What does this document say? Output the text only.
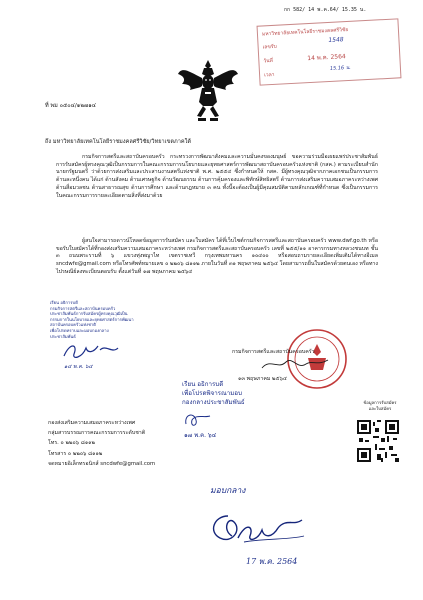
กก 582/ 14 พ.ค.64/ 15.35 น.
มหาวิทยาลัยเทคโนโลยีราชมงคลศรีวิชัย
เลขรับ
1548
วันที่	14 พ.ค. 2564
เวลา
15.16 น.
ที่ พม ๐๕๐๔/๑๒๗๑๔
ถึง มหาวิทยาลัยเทคโนโลยีราชมงคลศรีวิชัย/วิทยาเขตภาคใต้
กรมกิจการสตรีและสถาบันครอบครัว กระทรวงการพัฒนาสังคมและความมั่นคงของมนุษย์ ขอความร่วมมือเผยแพร่ประชาสัมพันธ์การรับสมัครผู้ทรงคุณวุฒิเป็นกรรมการในคณะกรรมการนโยบายและยุทธศาสตร์การพัฒนาสถาบันครอบครัวแห่งชาติ (กสค.) ตามระเบียบสำนักนายกรัฐมนตรี ว่าด้วยการส่งเสริมและประสานงานสตรีแห่งชาติ พ.ศ. ๒๕๕๔ ซึ่งกำหนดให้ กสค. มีผู้ทรงคุณวุฒิจากภาคเอกชนเป็นกรรมการด้านละหนึ่งคน ได้แก่ ด้านสังคม ด้านเศรษฐกิจ ด้านวัฒนธรรม ด้านการคุ้มครองและพิทักษ์สิทธิสตรี ด้านการส่งเสริมความเสมอภาคระหว่างเพศ ด้านสื่อมวลชน ด้านสาธารณสุข ด้านการศึกษา และด้านกฎหมาย ๓ คน ทั้งนี้จะต้องเป็นผู้มีคุณสมบัติตามหลักเกณฑ์ที่กำหนด ซึ่งเป็นกรรมการในคณะกรรมการรายละเอียดตามสิ่งที่ส่งมาด้วย
ผู้สนใจสามารถดาวน์โหลดข้อมูลการรับสมัคร และใบสมัคร ได้ที่เว็บไซต์กรมกิจการสตรีและสถาบันครอบครัว www.dwf.go.th หรือขอรับใบสมัครได้ที่กองส่งเสริมความเสมอภาคระหว่างเพศ กรมกิจการสตรีและสถาบันครอบครัว เลขที่ ๒๕๕/๑๑ อาคารกรมทางหลวงชนบท ชั้น ๓ ถนนพระรามที่ ๖ แขวงทุ่งพญาไท เขตราชเทวี กรุงเทพมหานคร ๑๐๔๐๐ หรือสอบถามรายละเอียดเพิ่มเติมได้ทางอีเมล sncdwfe@gmail.com หรือโทรศัพท์หมายเลข ๐ ๒๒๐๖ ๘๑๑๒ ภายในวันที่ ๓๑ พฤษภาคม ๒๕๖๔ โดยสามารถยื่นใบสมัครด้วยตนเอง หรือทางไปรษณีย์ลงทะเบียนตอบรับ ตั้งแต่วันที่ ๑๗ พฤษภาคม ๒๕๖๔
เรียน อธิการบดี
กรมกิจการสตรีและสถาบันครอบครัว
ประชาสัมพันธ์การรับสมัครผู้ทรงคุณวุฒิเป็น
กรรมการในนโยบายและยุทธศาสตร์การพัฒนา
สถาบันครอบครัวแห่งชาติ
เพื่อโปรดทราบและมอบกองกลาง
ประชาสัมพันธ์
๑๔ พ.ค. ๖๔
กรมกิจการสตรีและสถาบันครอบครัว
๑๓ พฤษภาคม ๒๕๖๔
เรียน อธิการบดี
เพื่อโปรดพิจารณามอบ
กองกลางประชาสัมพันธ์
๑๗ พ.ค. ๖๔
กองส่งเสริมความเสมอภาคระหว่างเพศ
กลุ่มสารบรรณการคณะกรรมการระดับชาติ
โทร. ๐ ๒๒๐๖ ๘๑๑๒
โทรสาร ๐ ๒๒๐๖ ๘๑๑๒
จดหมายอิเล็กทรอนิกส์ sncdwfe@gmail.com
ข้อมูลการรับสมัคร
และใบสมัคร
มอบกลาง
17 พ.ค. 2564
